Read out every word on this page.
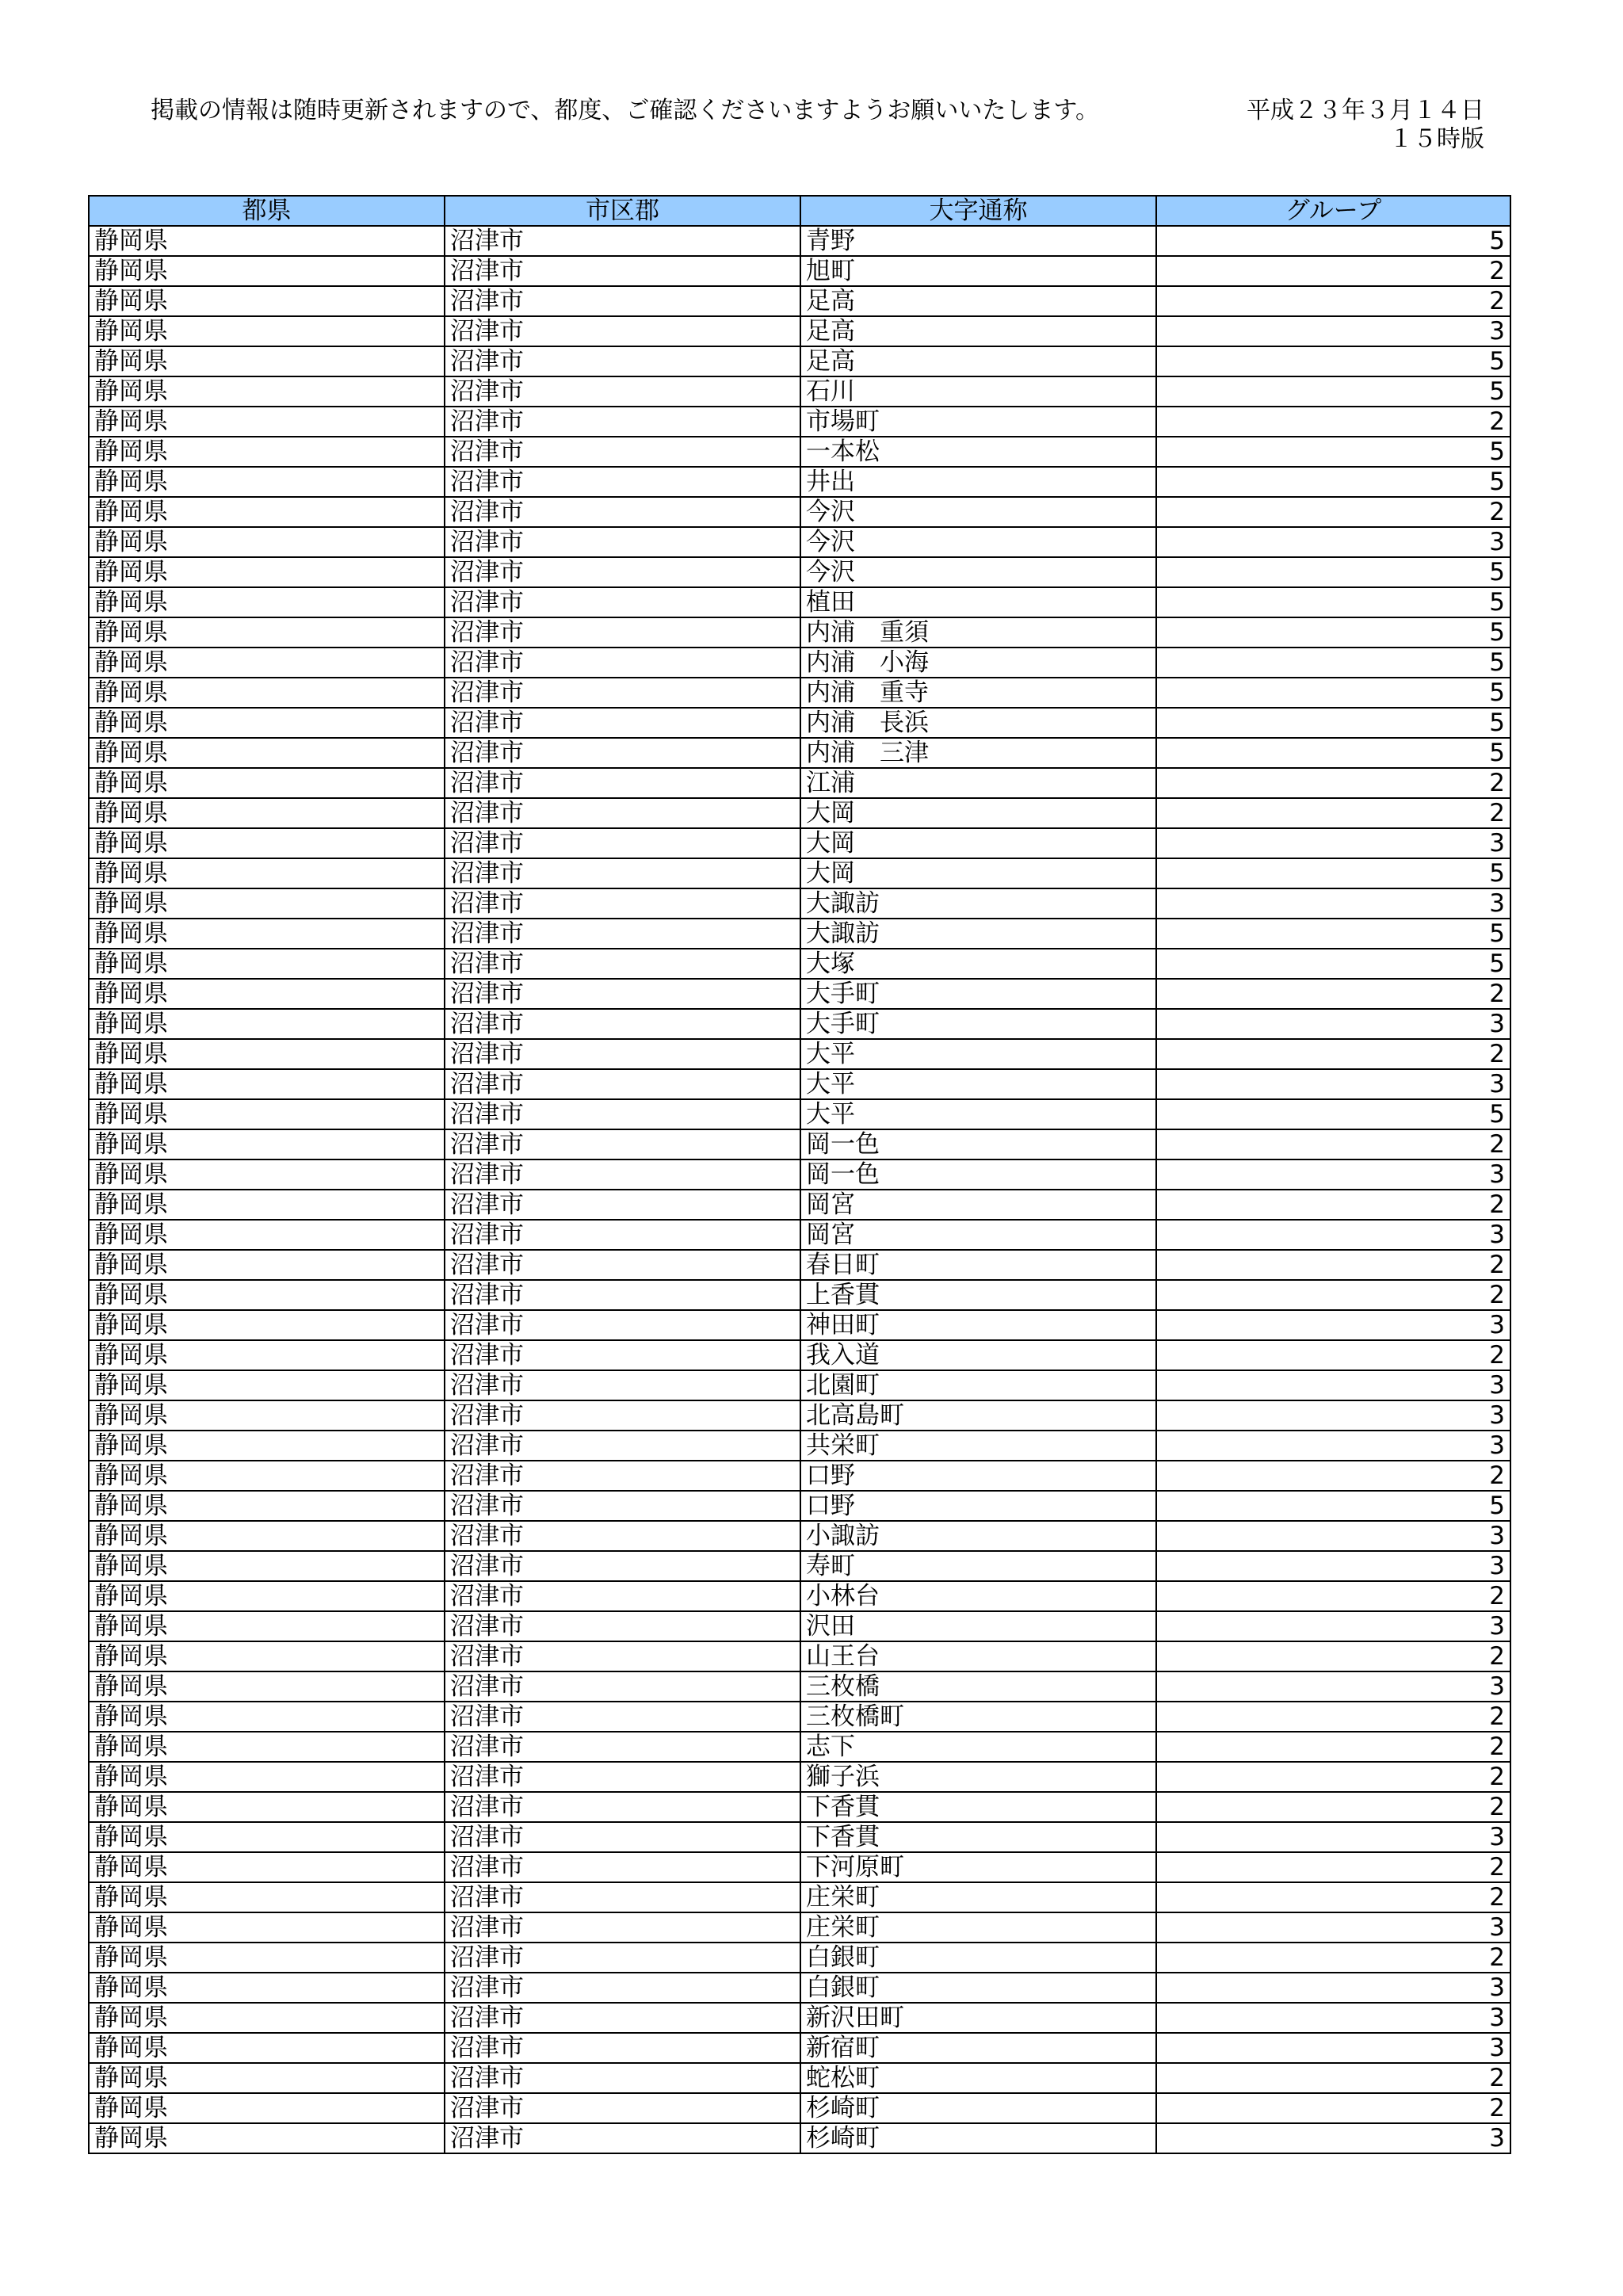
掲載の情報は随時更新されますので、都度、ご確認くださいますようお願いいたします。	平成２３年３月１４日
１５時版
都県	市区郡	大字通称	グループ
静岡県	沼津市	青野	5
静岡県	沼津市	旭町	2
静岡県	沼津市	足高	2
静岡県	沼津市	足高	3
静岡県	沼津市	足高	5
静岡県	沼津市	石川	5
静岡県	沼津市	市場町	2
静岡県	沼津市	一本松	5
静岡県	沼津市	井出	5
静岡県	沼津市	今沢	2
静岡県	沼津市	今沢	3
静岡県	沼津市	今沢	5
静岡県	沼津市	植田	5
静岡県	沼津市	内浦　重須	5
静岡県	沼津市	内浦　小海	5
静岡県	沼津市	内浦　重寺	5
静岡県	沼津市	内浦　長浜	5
静岡県	沼津市	内浦　三津	5
静岡県	沼津市	江浦	2
静岡県	沼津市	大岡	2
静岡県	沼津市	大岡	3
静岡県	沼津市	大岡	5
静岡県	沼津市	大諏訪	3
静岡県	沼津市	大諏訪	5
静岡県	沼津市	大塚	5
静岡県	沼津市	大手町	2
静岡県	沼津市	大手町	3
静岡県	沼津市	大平	2
静岡県	沼津市	大平	3
静岡県	沼津市	大平	5
静岡県	沼津市	岡一色	2
静岡県	沼津市	岡一色	3
静岡県	沼津市	岡宮	2
静岡県	沼津市	岡宮	3
静岡県	沼津市	春日町	2
静岡県	沼津市	上香貫	2
静岡県	沼津市	神田町	3
静岡県	沼津市	我入道	2
静岡県	沼津市	北園町	3
静岡県	沼津市	北高島町	3
静岡県	沼津市	共栄町	3
静岡県	沼津市	口野	2
静岡県	沼津市	口野	5
静岡県	沼津市	小諏訪	3
静岡県	沼津市	寿町	3
静岡県	沼津市	小林台	2
静岡県	沼津市	沢田	3
静岡県	沼津市	山王台	2
静岡県	沼津市	三枚橋	3
静岡県	沼津市	三枚橋町	2
静岡県	沼津市	志下	2
静岡県	沼津市	獅子浜	2
静岡県	沼津市	下香貫	2
静岡県	沼津市	下香貫	3
静岡県	沼津市	下河原町	2
静岡県	沼津市	庄栄町	2
静岡県	沼津市	庄栄町	3
静岡県	沼津市	白銀町	2
静岡県	沼津市	白銀町	3
静岡県	沼津市	新沢田町	3
静岡県	沼津市	新宿町	3
静岡県	沼津市	蛇松町	2
静岡県	沼津市	杉崎町	2
静岡県	沼津市	杉崎町	3
